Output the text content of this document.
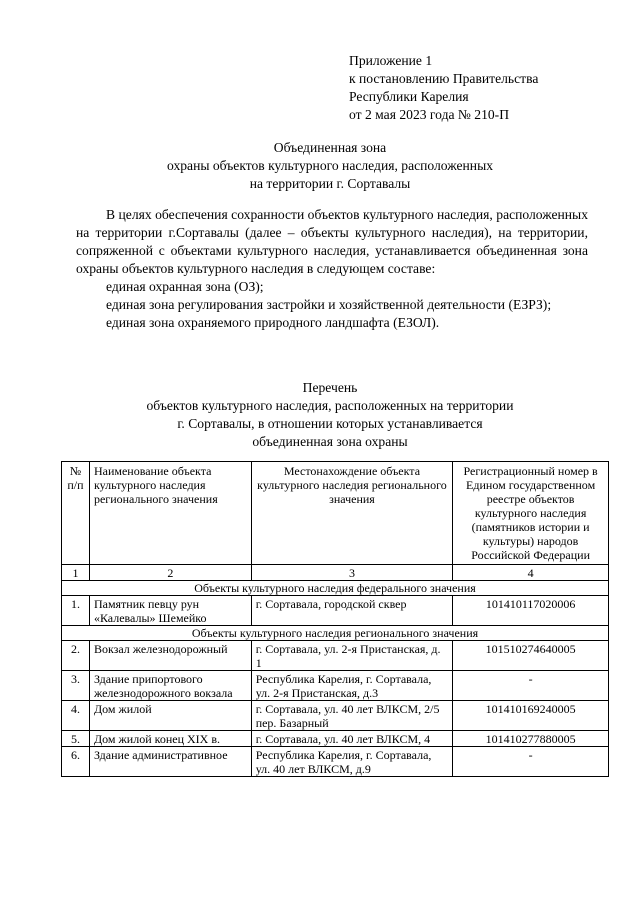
Приложение 1
к постановлению Правительства
Республики Карелия
от 2 мая 2023 года № 210-П
Объединенная зона
охраны объектов культурного наследия, расположенных
на территории г. Сортавалы
В целях обеспечения сохранности объектов культурного наследия, расположенных на территории г.Сортавалы (далее – объекты культурного наследия), на территории, сопряженной с объектами культурного наследия, устанавливается объединенная зона охраны объектов культурного наследия в следующем составе:
единая охранная зона (ОЗ);
единая зона регулирования застройки и хозяйственной деятельности (ЕЗРЗ);
единая зона охраняемого природного ландшафта (ЕЗОЛ).
Перечень
объектов культурного наследия, расположенных на территории
г. Сортавалы, в отношении которых устанавливается
объединенная зона охраны
№ п/п	Наименование объекта культурного наследия регионального значения	Местонахождение объекта культурного наследия регионального значения	Регистрационный номер в Едином государственном реестре объектов культурного наследия (памятников истории и культуры) народов Российской Федерации
1	2	3	4
Объекты культурного наследия федерального значения			
1.	Памятник певцу рун «Калевалы» Шемейко	г. Сортавала, городской сквер	101410117020006
Объекты культурного наследия регионального значения			
2.	Вокзал железнодорожный	г. Сортавала, ул. 2-я Пристанская, д. 1	101510274640005
3.	Здание припортового железнодорожного вокзала	Республика Карелия, г. Сортавала, ул. 2-я Пристанская, д.3	-
4.	Дом жилой	г. Сортавала, ул. 40 лет ВЛКСМ, 2/5 пер. Базарный	101410169240005
5.	Дом жилой конец XIX в.	г. Сортавала, ул. 40 лет ВЛКСМ, 4	101410277880005
6.	Здание административное	Республика Карелия, г. Сортавала, ул. 40 лет ВЛКСМ, д.9	-
